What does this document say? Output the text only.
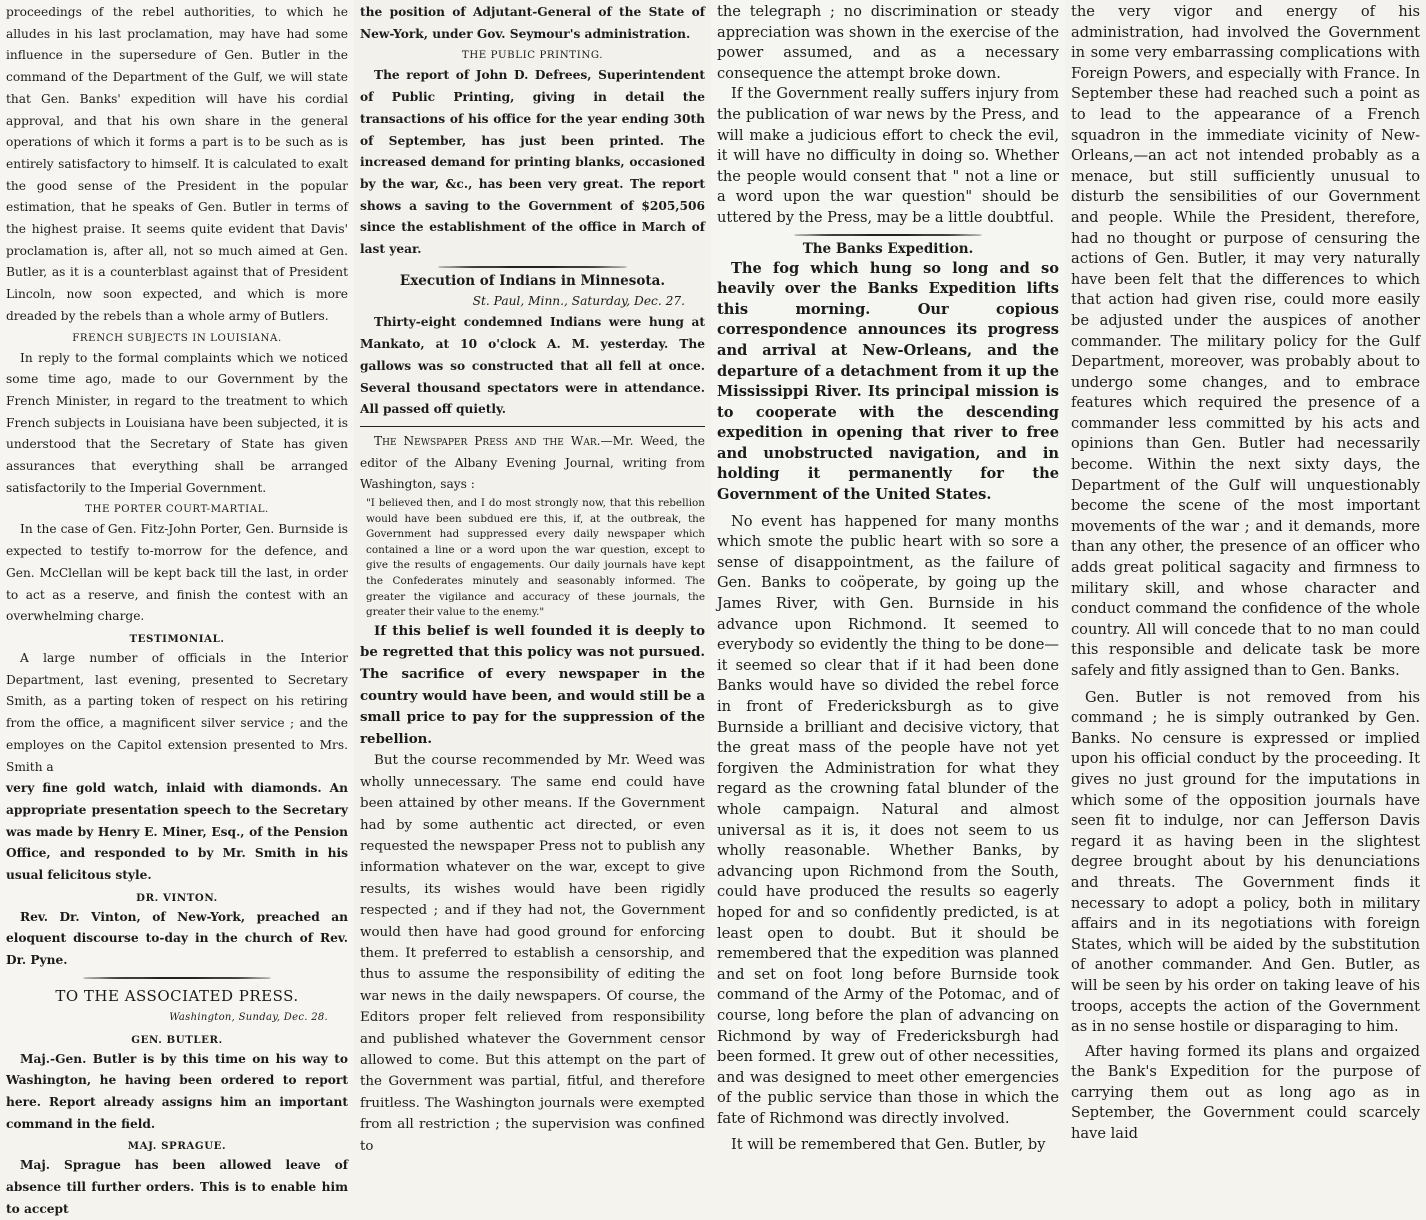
proceedings of the rebel authorities, to which he alludes in his last proclamation, may have had some influence in the supersedure of Gen. Butler in the command of the Department of the Gulf, we will state that Gen. Banks' expedition will have his cordial approval, and that his own share in the general operations of which it forms a part is to be such as is entirely satisfactory to himself. It is calculated to exalt the good sense of the President in the popular estimation, that he speaks of Gen. Butler in terms of the highest praise. It seems quite evident that Davis' proclamation is, after all, not so much aimed at Gen. Butler, as it is a counterblast against that of President Lincoln, now soon expected, and which is more dreaded by the rebels than a whole army of Butlers.

FRENCH SUBJECTS IN LOUISIANA.

In reply to the formal complaints which we noticed some time ago, made to our Government by the French Minister, in regard to the treatment to which French subjects in Louisiana have been subjected, it is understood that the Secretary of State has given assurances that everything shall be arranged satisfactorily to the Imperial Government.

THE PORTER COURT-MARTIAL.

In the case of Gen. Fitz-John Porter, Gen. Burnside is expected to testify to-morrow for the defence, and Gen. McClellan will be kept back till the last, in order to act as a reserve, and finish the contest with an overwhelming charge.

TESTIMONIAL.

A large number of officials in the Interior Department, last evening, presented to Secretary Smith, as a parting token of respect on his retiring from the office, a magnificent silver service ; and the employes on the Capitol extension presented to Mrs. Smith a

very fine gold watch, inlaid with diamonds. An appropriate presentation speech to the Secretary was made by Henry E. Miner, Esq., of the Pension Office, and responded to by Mr. Smith in his usual felicitous style.

DR. VINTON.

Rev. Dr. Vinton, of New-York, preached an eloquent discourse to-day in the church of Rev. Dr. Pyne.

TO THE ASSOCIATED PRESS.

Washington, Sunday, Dec. 28.

GEN. BUTLER.

Maj.-Gen. Butler is by this time on his way to Washington, he having been ordered to report here. Report already assigns him an important command in the field.

MAJ. SPRAGUE.

Maj. Sprague has been allowed leave of absence till further orders. This is to enable him to accept

the position of Adjutant-General of the State of New-York, under Gov. Seymour's administration.

THE PUBLIC PRINTING.

The report of John D. Defrees, Superintendent of Public Printing, giving in detail the transactions of his office for the year ending 30th of September, has just been printed. The increased demand for printing blanks, occasioned by the war, &c., has been very great. The report shows a saving to the Government of $205,506 since the establishment of the office in March of last year.

Execution of Indians in Minnesota.

St. Paul, Minn., Saturday, Dec. 27.

Thirty-eight condemned Indians were hung at Mankato, at 10 o'clock A. M. yesterday. The gallows was so constructed that all fell at once. Several thousand spectators were in attendance. All passed off quietly.

The Newspaper Press and the War.—Mr. Weed, the editor of the Albany Evening Journal, writing from Washington, says :

"I believed then, and I do most strongly now, that this rebellion would have been subdued ere this, if, at the outbreak, the Government had suppressed every daily newspaper which contained a line or a word upon the war question, except to give the results of engagements. Our daily journals have kept the Confederates minutely and seasonably informed. The greater the vigilance and accuracy of these journals, the greater their value to the enemy."

If this belief is well founded it is deeply to be regretted that this policy was not pursued. The sacrifice of every newspaper in the country would have been, and would still be a small price to pay for the suppression of the rebellion.

But the course recommended by Mr. Weed was wholly unnecessary. The same end could have been attained by other means. If the Government had by some authentic act directed, or even requested the newspaper Press not to publish any information whatever on the war, except to give results, its wishes would have been rigidly respected ; and if they had not, the Government would then have had good ground for enforcing them. It preferred to establish a censorship, and thus to assume the responsibility of editing the war news in the daily newspapers. Of course, the Editors proper felt relieved from responsibility and published whatever the Government censor allowed to come. But this attempt on the part of the Government was partial, fitful, and therefore fruitless. The Washington journals were exempted from all restriction ; the supervision was confined to

the telegraph ; no discrimination or steady appreciation was shown in the exercise of the power assumed, and as a necessary consequence the attempt broke down.

If the Government really suffers injury from the publication of war news by the Press, and will make a judicious effort to check the evil, it will have no difficulty in doing so. Whether the people would consent that " not a line or a word upon the war question" should be uttered by the Press, may be a little doubtful.

The Banks Expedition.

The fog which hung so long and so heavily over the Banks Expedition lifts this morning. Our copious correspondence announces its progress and arrival at New-Orleans, and the departure of a detachment from it up the Mississippi River. Its principal mission is to cooperate with the descending expedition in opening that river to free and unobstructed navigation, and in holding it permanently for the Government of the United States.

No event has happened for many months which smote the public heart with so sore a sense of disappointment, as the failure of Gen. Banks to coöperate, by going up the James River, with Gen. Burnside in his advance upon Richmond. It seemed to everybody so evidently the thing to be done—it seemed so clear that if it had been done Banks would have so divided the rebel force in front of Fredericksburgh as to give Burnside a brilliant and decisive victory, that the great mass of the people have not yet forgiven the Administration for what they regard as the crowning fatal blunder of the whole campaign. Natural and almost universal as it is, it does not seem to us wholly reasonable. Whether Banks, by advancing upon Richmond from the South, could have produced the results so eagerly hoped for and so confidently predicted, is at least open to doubt. But it should be remembered that the expedition was planned and set on foot long before Burnside took command of the Army of the Potomac, and of course, long before the plan of advancing on Richmond by way of Fredericksburgh had been formed. It grew out of other necessities, and was designed to meet other emergencies of the public service than those in which the fate of Richmond was directly involved.

It will be remembered that Gen. Butler, by

the very vigor and energy of his administration, had involved the Government in some very embarrassing complications with Foreign Powers, and especially with France. In September these had reached such a point as to lead to the appearance of a French squadron in the immediate vicinity of New-Orleans,—an act not intended probably as a menace, but still sufficiently unusual to disturb the sensibilities of our Government and people. While the President, therefore, had no thought or purpose of censuring the actions of Gen. Butler, it may very naturally have been felt that the differences to which that action had given rise, could more easily be adjusted under the auspices of another commander. The military policy for the Gulf Department, moreover, was probably about to undergo some changes, and to embrace features which required the presence of a commander less committed by his acts and opinions than Gen. Butler had necessarily become. Within the next sixty days, the Department of the Gulf will unquestionably become the scene of the most important movements of the war ; and it demands, more than any other, the presence of an officer who adds great political sagacity and firmness to military skill, and whose character and conduct command the confidence of the whole country. All will concede that to no man could this responsible and delicate task be more safely and fitly assigned than to Gen. Banks.

Gen. Butler is not removed from his command ; he is simply outranked by Gen. Banks. No censure is expressed or implied upon his official conduct by the proceeding. It gives no just ground for the imputations in which some of the opposition journals have seen fit to indulge, nor can Jefferson Davis regard it as having been in the slightest degree brought about by his denunciations and threats. The Government finds it necessary to adopt a policy, both in military affairs and in its negotiations with foreign States, which will be aided by the substitution of another commander. And Gen. Butler, as will be seen by his order on taking leave of his troops, accepts the action of the Government as in no sense hostile or disparaging to him.

After having formed its plans and orgaized the Bank's Expedition for the purpose of carrying them out as long ago as in September, the Government could scarcely have laid
